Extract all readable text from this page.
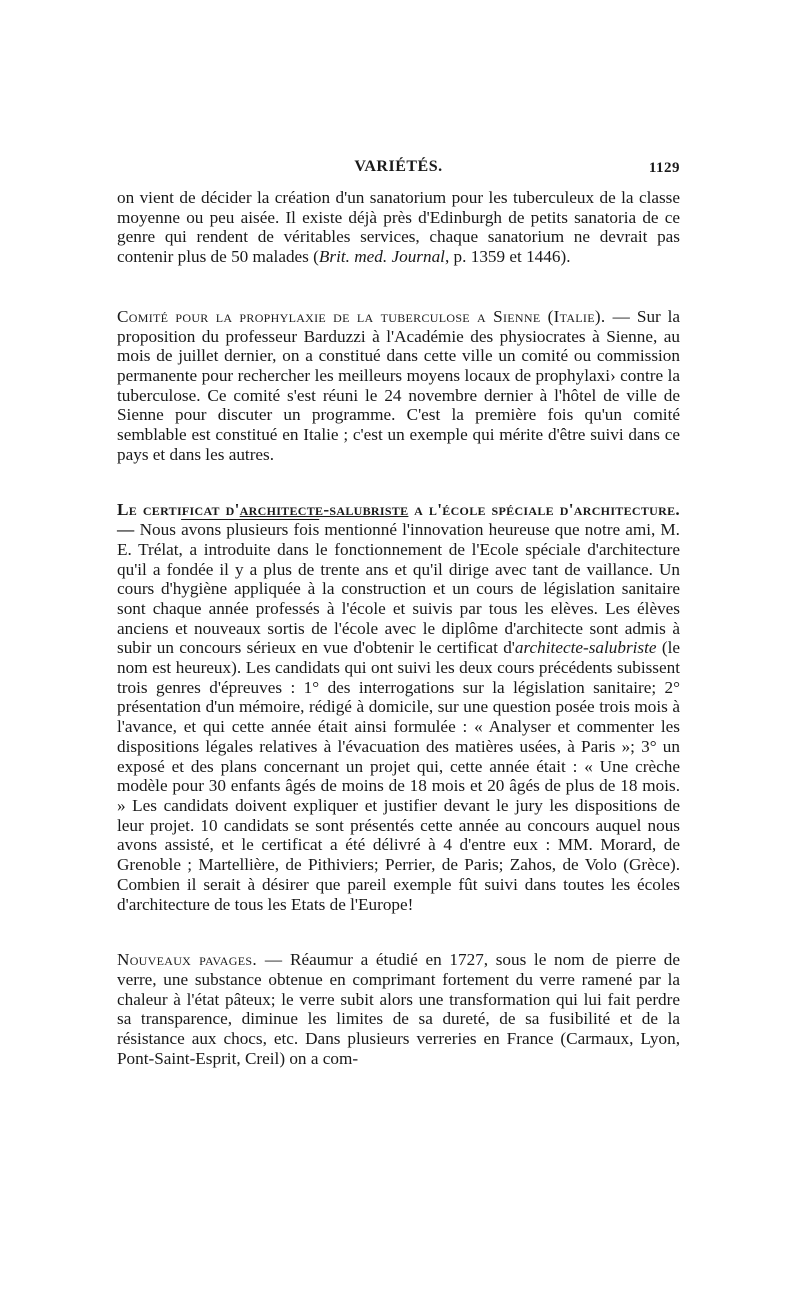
VARIÉTÉS.	1129

on vient de décider la création d'un sanatorium pour les tuberculeux de la classe moyenne ou peu aisée. Il existe déjà près d'Edinburgh de petits sanatoria de ce genre qui rendent de véritables services, chaque sanatorium ne devrait pas contenir plus de 50 malades (Brit. med. Journal, p. 1359 et 1446).

Comité pour la prophylaxie de la tuberculose a Sienne (Italie). — Sur la proposition du professeur Barduzzi à l'Académie des physiocrates à Sienne, au mois de juillet dernier, on a constitué dans cette ville un comité ou commission permanente pour rechercher les meilleurs moyens locaux de prophylaxi› contre la tuberculose. Ce comité s'est réuni le 24 novembre dernier à l'hôtel de ville de Sienne pour discuter un programme. C'est la première fois qu'un comité semblable est constitué en Italie ; c'est un exemple qui mérite d'être suivi dans ce pays et dans les autres.

Le certificat d'architecte-salubriste a l'école spéciale d'architecture. — Nous avons plusieurs fois mentionné l'innovation heureuse que notre ami, M. E. Trélat, a introduite dans le fonctionnement de l'Ecole spéciale d'architecture qu'il a fondée il y a plus de trente ans et qu'il dirige avec tant de vaillance. Un cours d'hygiène appliquée à la construction et un cours de législation sanitaire sont chaque année professés à l'école et suivis par tous les elèves. Les élèves anciens et nouveaux sortis de l'école avec le diplôme d'architecte sont admis à subir un concours sérieux en vue d'obtenir le certificat d'architecte-salubriste (le nom est heureux). Les candidats qui ont suivi les deux cours précédents subissent trois genres d'épreuves : 1° des interrogations sur la législation sanitaire; 2° présentation d'un mémoire, rédigé à domicile, sur une question posée trois mois à l'avance, et qui cette année était ainsi formulée : « Analyser et commenter les dispositions légales relatives à l'évacuation des matières usées, à Paris »; 3° un exposé et des plans concernant un projet qui, cette année était : « Une crèche modèle pour 30 enfants âgés de moins de 18 mois et 20 âgés de plus de 18 mois. » Les candidats doivent expliquer et justifier devant le jury les dispositions de leur projet. 10 candidats se sont présentés cette année au concours auquel nous avons assisté, et le certificat a été délivré à 4 d'entre eux : MM. Morard, de Grenoble ; Martellière, de Pithiviers; Perrier, de Paris; Zahos, de Volo (Grèce). Combien il serait à désirer que pareil exemple fût suivi dans toutes les écoles d'architecture de tous les Etats de l'Europe!

Nouveaux pavages. — Réaumur a étudié en 1727, sous le nom de pierre de verre, une substance obtenue en comprimant fortement du verre ramené par la chaleur à l'état pâteux; le verre subit alors une transformation qui lui fait perdre sa transparence, diminue les limites de sa dureté, de sa fusibilité et de la résistance aux chocs, etc. Dans plusieurs verreries en France (Carmaux, Lyon, Pont-Saint-Esprit, Creil) on a com-
